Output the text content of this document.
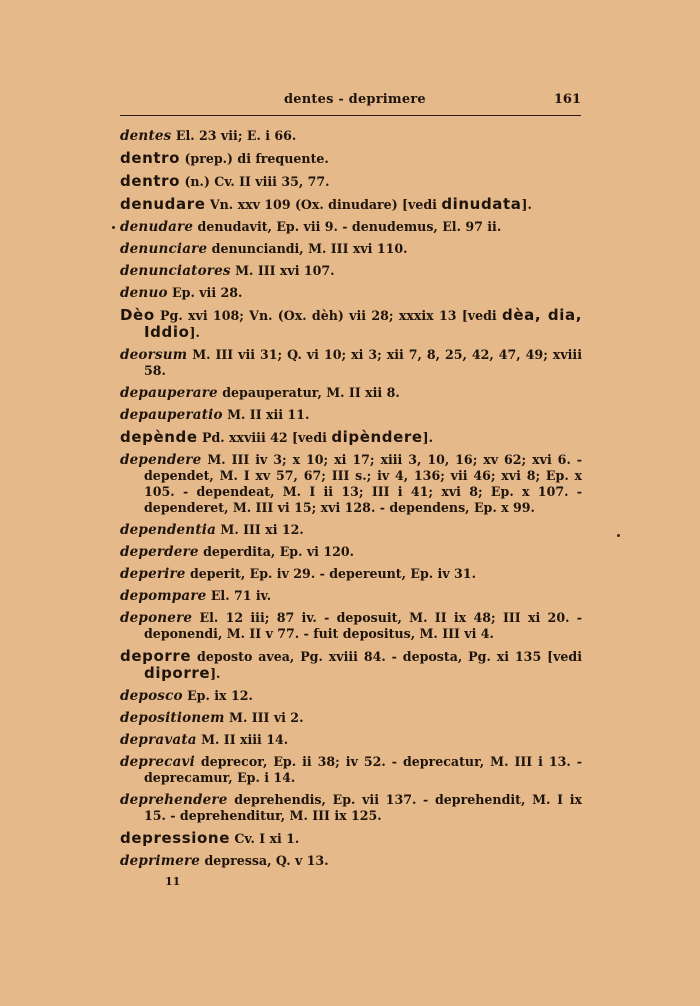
dentes - deprimere	161
dentes El. 23 vii; E. i 66.
dentro (prep.) di frequente.
dentro (n.) Cv. II viii 35, 77.
denudare Vn. xxv 109 (Ox. dinudare) [vedi dinudata].
denudare denudavit, Ep. vii 9. - denudemus, El. 97 ii.
denunciare denunciandi, M. III xvi 110.
denunciatores M. III xvi 107.
denuo Ep. vii 28.
Dèo Pg. xvi 108; Vn. (Ox. dèh) vii 28; xxxix 13 [vedi dèa, dia, Iddio].
deorsum M. III vii 31; Q. vi 10; xi 3; xii 7, 8, 25, 42, 47, 49; xviii 58.
depauperare depauperatur, M. II xii 8.
depauperatio M. II xii 11.
depènde Pd. xxviii 42 [vedi dipèndere].
dependere M. III iv 3; x 10; xi 17; xiii 3, 10, 16; xv 62; xvi 6. - dependet, M. I xv 57, 67; III s.; iv 4, 136; vii 46; xvi 8; Ep. x 105. - dependeat, M. I ii 13; III i 41; xvi 8; Ep. x 107. - dependeret, M. III vi 15; xvi 128. - dependens, Ep. x 99.
dependentia M. III xi 12.
deperdere deperdita, Ep. vi 120.
deperire deperit, Ep. iv 29. - depereunt, Ep. iv 31.
depompare El. 71 iv.
deponere El. 12 iii; 87 iv. - deposuit, M. II ix 48; III xi 20. - deponendi, M. II v 77. - fuit depositus, M. III vi 4.
deporre deposto avea, Pg. xviii 84. - deposta, Pg. xi 135 [vedi diporre].
deposco Ep. ix 12.
depositionem M. III vi 2.
depravata M. II xiii 14.
deprecavi deprecor, Ep. ii 38; iv 52. - deprecatur, M. III i 13. - deprecamur, Ep. i 14.
deprehendere deprehendis, Ep. vii 137. - deprehendit, M. I ix 15. - deprehenditur, M. III ix 125.
depressione Cv. I xi 1.
deprimere depressa, Q. v 13.
11
